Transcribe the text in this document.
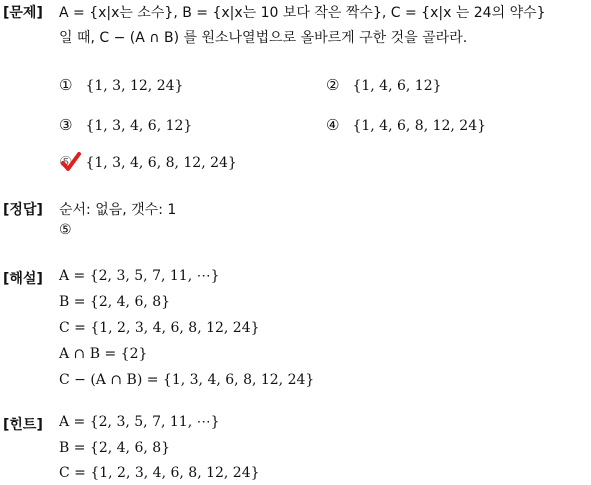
[문제] A = {x|x는 소수}, B = {x|x는 10 보다 작은 짝수}, C = {x|x 는 24의 약수}
일 때, C − (A ∩ B) 를 원소나열법으로 올바르게 구한 것을 골라라.
① {1, 3, 12, 24}	② {1, 4, 6, 12}
③ {1, 3, 4, 6, 12}	④ {1, 4, 6, 8, 12, 24}
⑤ {1, 3, 4, 6, 8, 12, 24}
[정답] 순서: 없음, 갯수: 1
⑤
[해설] A = {2, 3, 5, 7, 11, ⋯}
B = {2, 4, 6, 8}
C = {1, 2, 3, 4, 6, 8, 12, 24}
A ∩ B = {2}
C − (A ∩ B) = {1, 3, 4, 6, 8, 12, 24}
[힌트] A = {2, 3, 5, 7, 11, ⋯}
B = {2, 4, 6, 8}
C = {1, 2, 3, 4, 6, 8, 12, 24}
